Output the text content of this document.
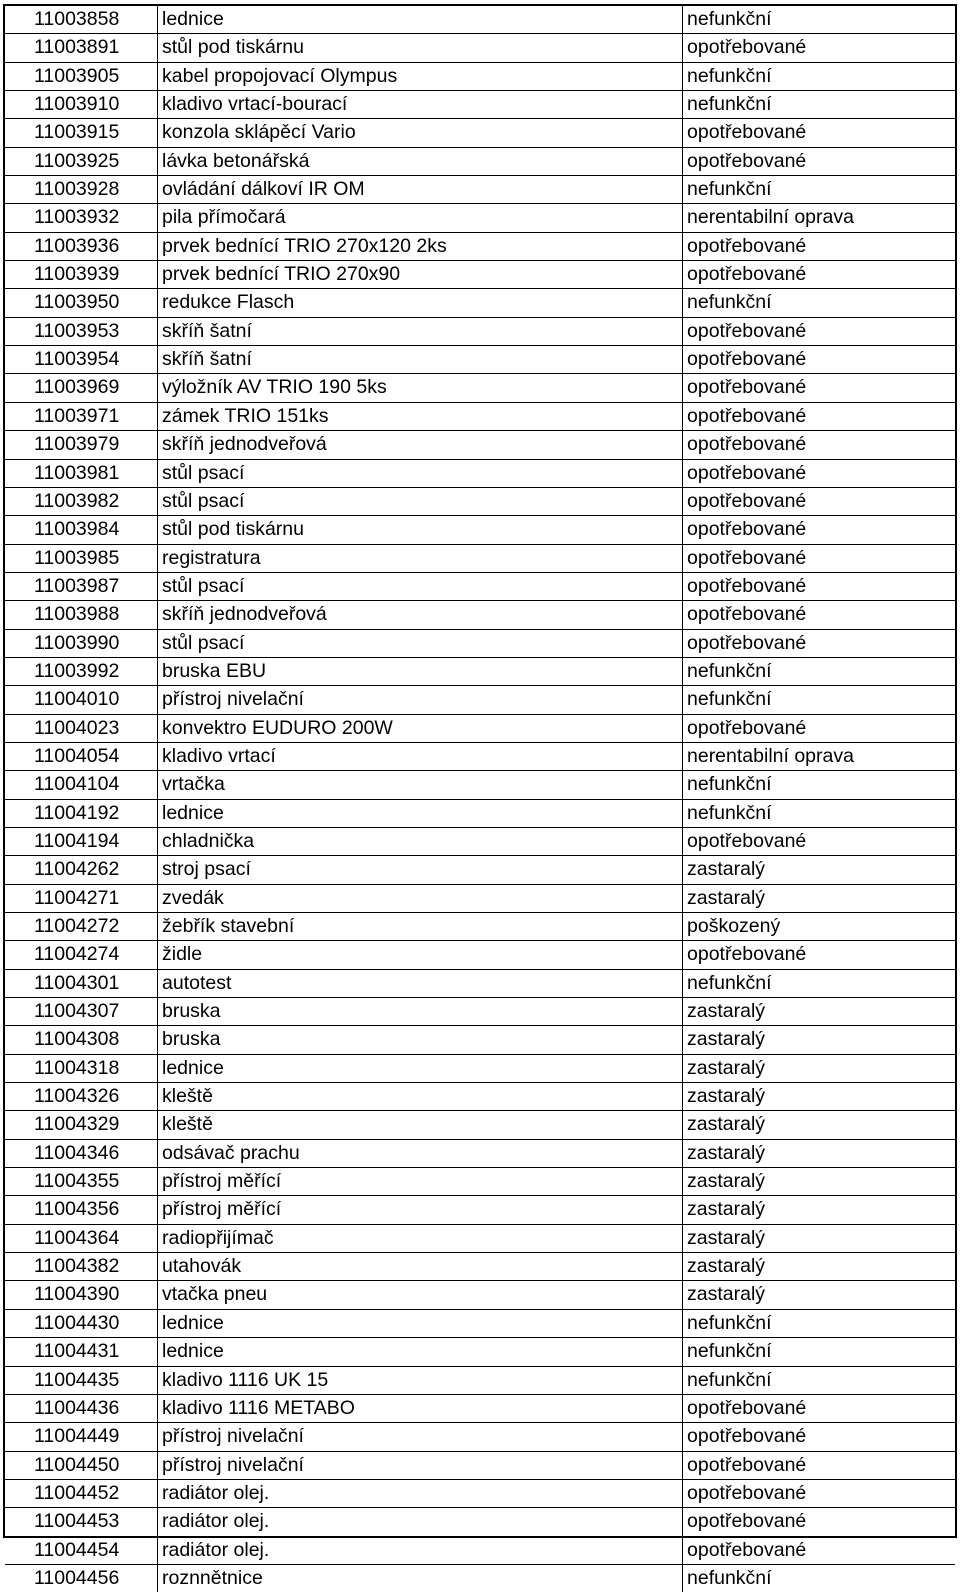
11003858	lednice	nefunkční
11003891	stůl pod tiskárnu	opotřebované
11003905	kabel propojovací Olympus	nefunkční
11003910	kladivo vrtací-bourací	nefunkční
11003915	konzola sklápěcí Vario	opotřebované
11003925	lávka betonářská	opotřebované
11003928	ovládání dálkoví IR OM	nefunkční
11003932	pila přímočará	nerentabilní oprava
11003936	prvek bednící TRIO 270x120 2ks	opotřebované
11003939	prvek bednící TRIO 270x90	opotřebované
11003950	redukce Flasch	nefunkční
11003953	skříň šatní	opotřebované
11003954	skříň šatní	opotřebované
11003969	výložník AV TRIO 190 5ks	opotřebované
11003971	zámek TRIO 151ks	opotřebované
11003979	skříň jednodveřová	opotřebované
11003981	stůl psací	opotřebované
11003982	stůl psací	opotřebované
11003984	stůl pod tiskárnu	opotřebované
11003985	registratura	opotřebované
11003987	stůl psací	opotřebované
11003988	skříň jednodveřová	opotřebované
11003990	stůl psací	opotřebované
11003992	bruska EBU	nefunkční
11004010	přístroj nivelační	nefunkční
11004023	konvektro EUDURO 200W	opotřebované
11004054	kladivo vrtací	nerentabilní oprava
11004104	vrtačka	nefunkční
11004192	lednice	nefunkční
11004194	chladnička	opotřebované
11004262	stroj psací	zastaralý
11004271	zvedák	zastaralý
11004272	žebřík stavební	poškozený
11004274	židle	opotřebované
11004301	autotest	nefunkční
11004307	bruska	zastaralý
11004308	bruska	zastaralý
11004318	lednice	zastaralý
11004326	kleště	zastaralý
11004329	kleště	zastaralý
11004346	odsávač prachu	zastaralý
11004355	přístroj měřící	zastaralý
11004356	přístroj měřící	zastaralý
11004364	radiopřijímač	zastaralý
11004382	utahovák	zastaralý
11004390	vtačka pneu	zastaralý
11004430	lednice	nefunkční
11004431	lednice	nefunkční
11004435	kladivo 1116 UK 15	nefunkční
11004436	kladivo 1116 METABO	opotřebované
11004449	přístroj nivelační	opotřebované
11004450	přístroj nivelační	opotřebované
11004452	radiátor olej.	opotřebované
11004453	radiátor olej.	opotřebované
11004454	radiátor olej.	opotřebované
11004456	roznnětnice	nefunkční
